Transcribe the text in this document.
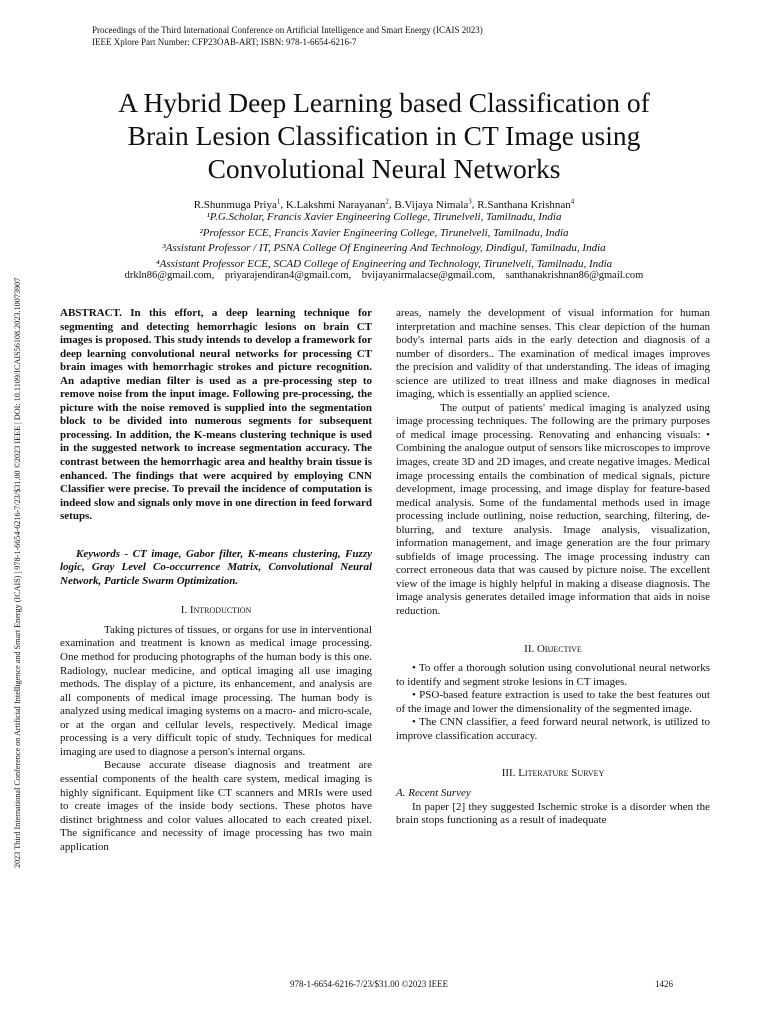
Proceedings of the Third International Conference on Artificial Intelligence and Smart Energy (ICAIS 2023)
IEEE Xplore Part Number: CFP23OAB-ART; ISBN: 978-1-6654-6216-7
2023 Third International Conference on Artificial Intelligence and Smart Energy (ICAIS) | 978-1-6654-6216-7/23/$31.00 ©2023 IEEE | DOI: 10.1109/ICAIS56108.2023.10073907
A Hybrid Deep Learning based Classification of
Brain Lesion Classification in CT Image using
Convolutional Neural Networks
R.Shunmuga Priya$^1$, K.Lakshmi Narayanan$^2$, B.Vijaya Nimala$^3$, R.Santhana Krishnan$^4$
¹P.G.Scholar, Francis Xavier Engineering College, Tirunelveli, Tamilnadu, India
²Professor ECE, Francis Xavier Engineering College, Tirunelveli, Tamilnadu, India
³Assistant Professor / IT, PSNA College Of Engineering And Technology, Dindigul, Tamilnadu, India
⁴Assistant Professor ECE, SCAD College of Engineering and Technology, Tirunelveli, Tamilnadu, India
drkln86@gmail.com, priyarajendiran4@gmail.com, bvijayanirmalacse@gmail.com, santhanakrishnan86@gmail.com

ABSTRACT. In this effort, a deep learning technique for segmenting and detecting hemorrhagic lesions on brain CT images is proposed. This study intends to develop a framework for deep learning convolutional neural networks for processing CT brain images with hemorrhagic strokes and picture recognition. An adaptive median filter is used as a pre-processing step to remove noise from the input image. Following pre-processing, the picture with the noise removed is supplied into the segmentation block to be divided into numerous segments for subsequent processing. In addition, the K-means clustering technique is used in the suggested network to increase segmentation accuracy. The contrast between the hemorrhagic area and healthy brain tissue is enhanced. The findings that were acquired by employing CNN Classifier were precise. To prevail the incidence of computation is indeed slow and signals only move in one direction in feed forward setups.

Keywords - CT image, Gabor filter, K-means clustering, Fuzzy logic, Gray Level Co-occurrence Matrix, Convolutional Neural Network, Particle Swarm Optimization.

I. Introduction

Taking pictures of tissues, or organs for use in interventional examination and treatment is known as medical image processing. One method for producing photographs of the human body is this one. Radiology, nuclear medicine, and optical imaging all use imaging methods. The display of a picture, its enhancement, and analysis are all components of medical image processing. The human body is analyzed using medical imaging systems on a macro- and micro-scale, or at the organ and cellular levels, respectively. Medical image processing is a very difficult topic of study. Techniques for medical imaging are used to diagnose a person's internal organs.

Because accurate disease diagnosis and treatment are essential components of the health care system, medical imaging is highly significant. Equipment like CT scanners and MRIs were used to create images of the inside body sections. These photos have distinct brightness and color values allocated to each created pixel. The significance and necessity of image processing has two main application

areas, namely the development of visual information for human interpretation and machine senses. This clear depiction of the human body's internal parts aids in the early detection and diagnosis of a number of disorders.. The examination of medical images improves the precision and validity of that understanding. The ideas of imaging science are utilized to treat illness and make diagnoses in medical imaging, which is essentially an applied science.

The output of patients' medical imaging is analyzed using image processing techniques. The following are the primary purposes of medical image processing. Renovating and enhancing visuals: • Combining the analogue output of sensors like microscopes to improve images, create 3D and 2D images, and create negative images. Medical image processing entails the combination of medical signals, picture development, image processing, and image display for feature-based medical analysis. Some of the fundamental methods used in image processing include outlining, noise reduction, searching, filtering, de-blurring, and texture analysis. Image analysis, visualization, information management, and image generation are the four primary subfields of image processing. The image processing industry can correct erroneous data that was caused by picture noise. The excellent view of the image is highly helpful in making a disease diagnosis. The image analysis generates detailed image information that aids in noise reduction.

II. Objective

• To offer a thorough solution using convolutional neural networks to identify and segment stroke lesions in CT images.

• PSO-based feature extraction is used to take the best features out of the image and lower the dimensionality of the segmented image.

• The CNN classifier, a feed forward neural network, is utilized to improve classification accuracy.

III. Literature Survey

A. Recent Survey

In paper [2] they suggested Ischemic stroke is a disorder when the brain stops functioning as a result of inadequate

978-1-6654-6216-7/23/$31.00 ©2023 IEEE	1426
